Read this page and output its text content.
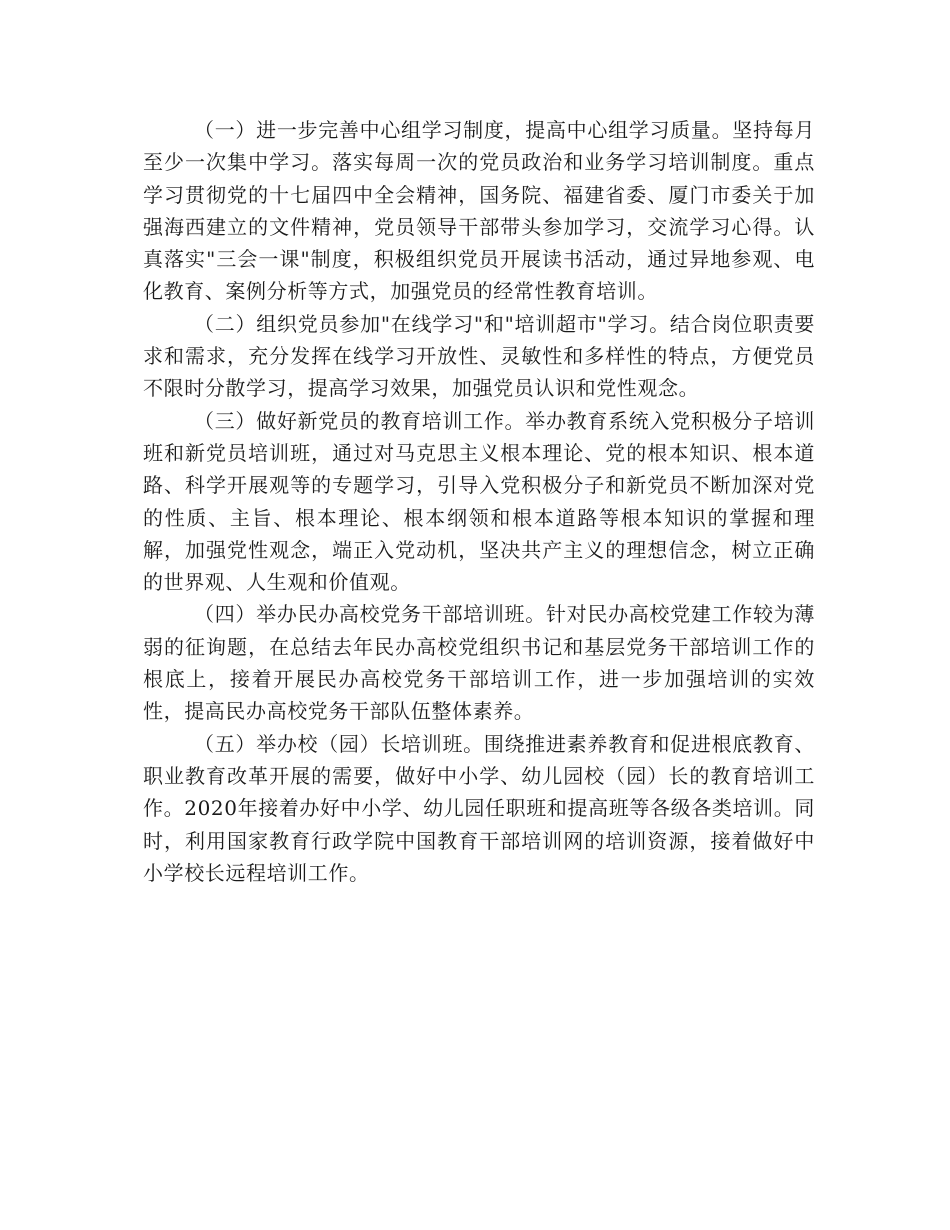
（一）进一步完善中心组学习制度，提高中心组学习质量。坚持每月至少一次集中学习。落实每周一次的党员政治和业务学习培训制度。重点学习贯彻党的十七届四中全会精神，国务院、福建省委、厦门市委关于加强海西建立的文件精神，党员领导干部带头参加学习，交流学习心得。认真落实"三会一课"制度，积极组织党员开展读书活动，通过异地参观、电化教育、案例分析等方式，加强党员的经常性教育培训。

（二）组织党员参加"在线学习"和"培训超市"学习。结合岗位职责要求和需求，充分发挥在线学习开放性、灵敏性和多样性的特点，方便党员不限时分散学习，提高学习效果，加强党员认识和党性观念。

（三）做好新党员的教育培训工作。举办教育系统入党积极分子培训班和新党员培训班，通过对马克思主义根本理论、党的根本知识、根本道路、科学开展观等的专题学习，引导入党积极分子和新党员不断加深对党的性质、主旨、根本理论、根本纲领和根本道路等根本知识的掌握和理解，加强党性观念，端正入党动机，坚决共产主义的理想信念，树立正确的世界观、人生观和价值观。

（四）举办民办高校党务干部培训班。针对民办高校党建工作较为薄弱的征询题，在总结去年民办高校党组织书记和基层党务干部培训工作的根底上，接着开展民办高校党务干部培训工作，进一步加强培训的实效性，提高民办高校党务干部队伍整体素养。

（五）举办校（园）长培训班。围绕推进素养教育和促进根底教育、职业教育改革开展的需要，做好中小学、幼儿园校（园）长的教育培训工作。2020年接着办好中小学、幼儿园任职班和提高班等各级各类培训。同时，利用国家教育行政学院中国教育干部培训网的培训资源，接着做好中小学校长远程培训工作。
